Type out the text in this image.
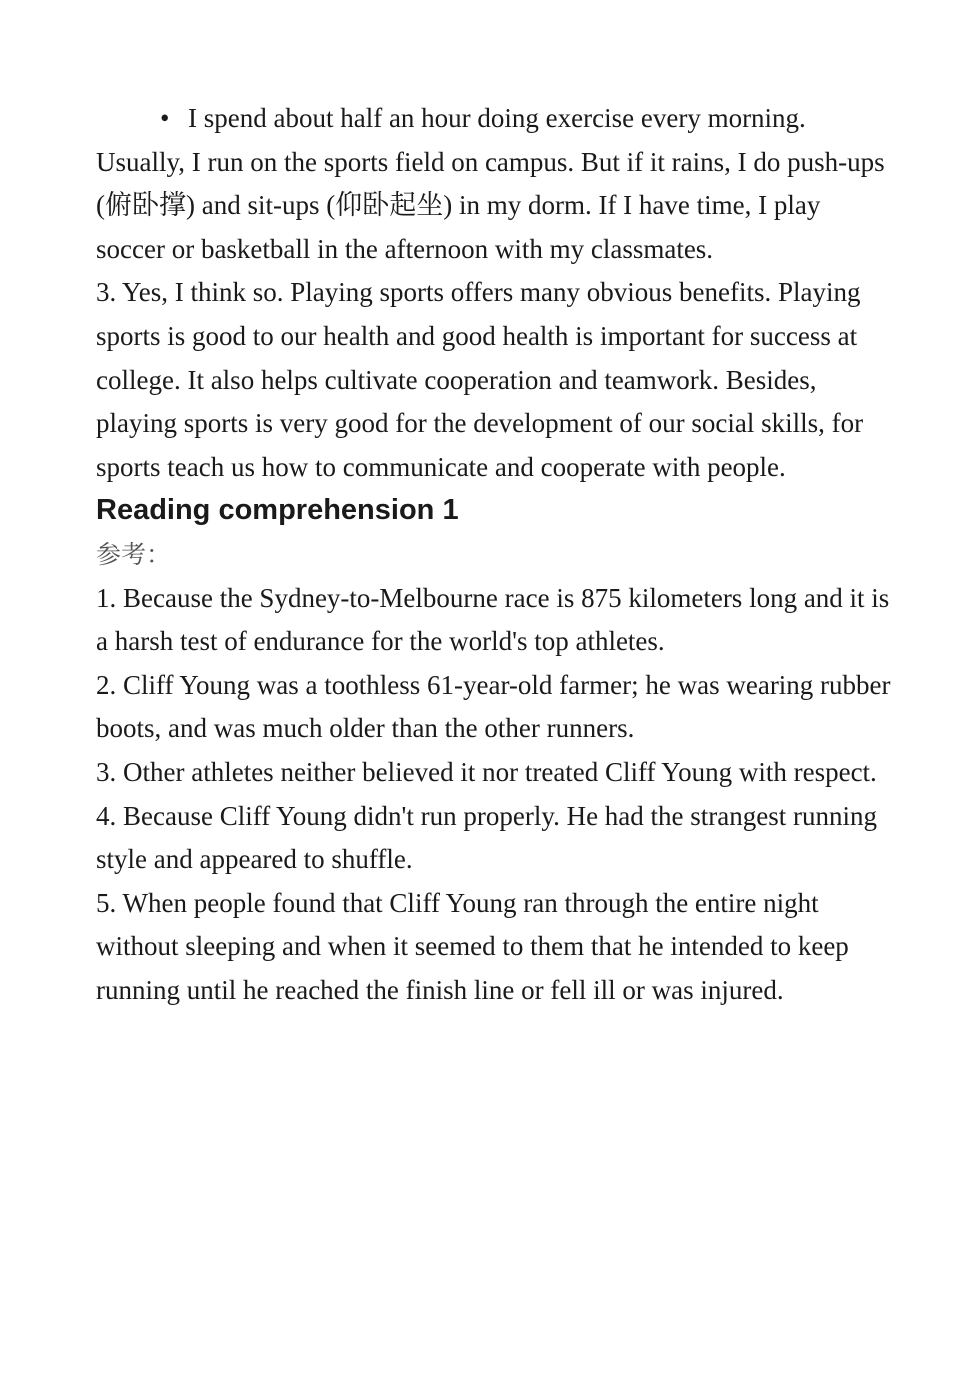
• I spend about half an hour doing exercise every morning. Usually, I run on the sports field on campus. But if it rains, I do push-ups (俯卧撑) and sit-ups (仰卧起坐) in my dorm. If I have time, I play soccer or basketball in the afternoon with my classmates.

3. Yes, I think so. Playing sports offers many obvious benefits. Playing sports is good to our health and good health is important for success at college. It also helps cultivate cooperation and teamwork. Besides, playing sports is very good for the development of our social skills, for sports teach us how to communicate and cooperate with people.

Reading comprehension 1

参考：

1. Because the Sydney-to-Melbourne race is 875 kilometers long and it is a harsh test of endurance for the world's top athletes.

2. Cliff Young was a toothless 61-year-old farmer; he was wearing rubber boots, and was much older than the other runners.

3. Other athletes neither believed it nor treated Cliff Young with respect.

4. Because Cliff Young didn't run properly. He had the strangest running style and appeared to shuffle.

5. When people found that Cliff Young ran through the entire night without sleeping and when it seemed to them that he intended to keep running until he reached the finish line or fell ill or was injured.
